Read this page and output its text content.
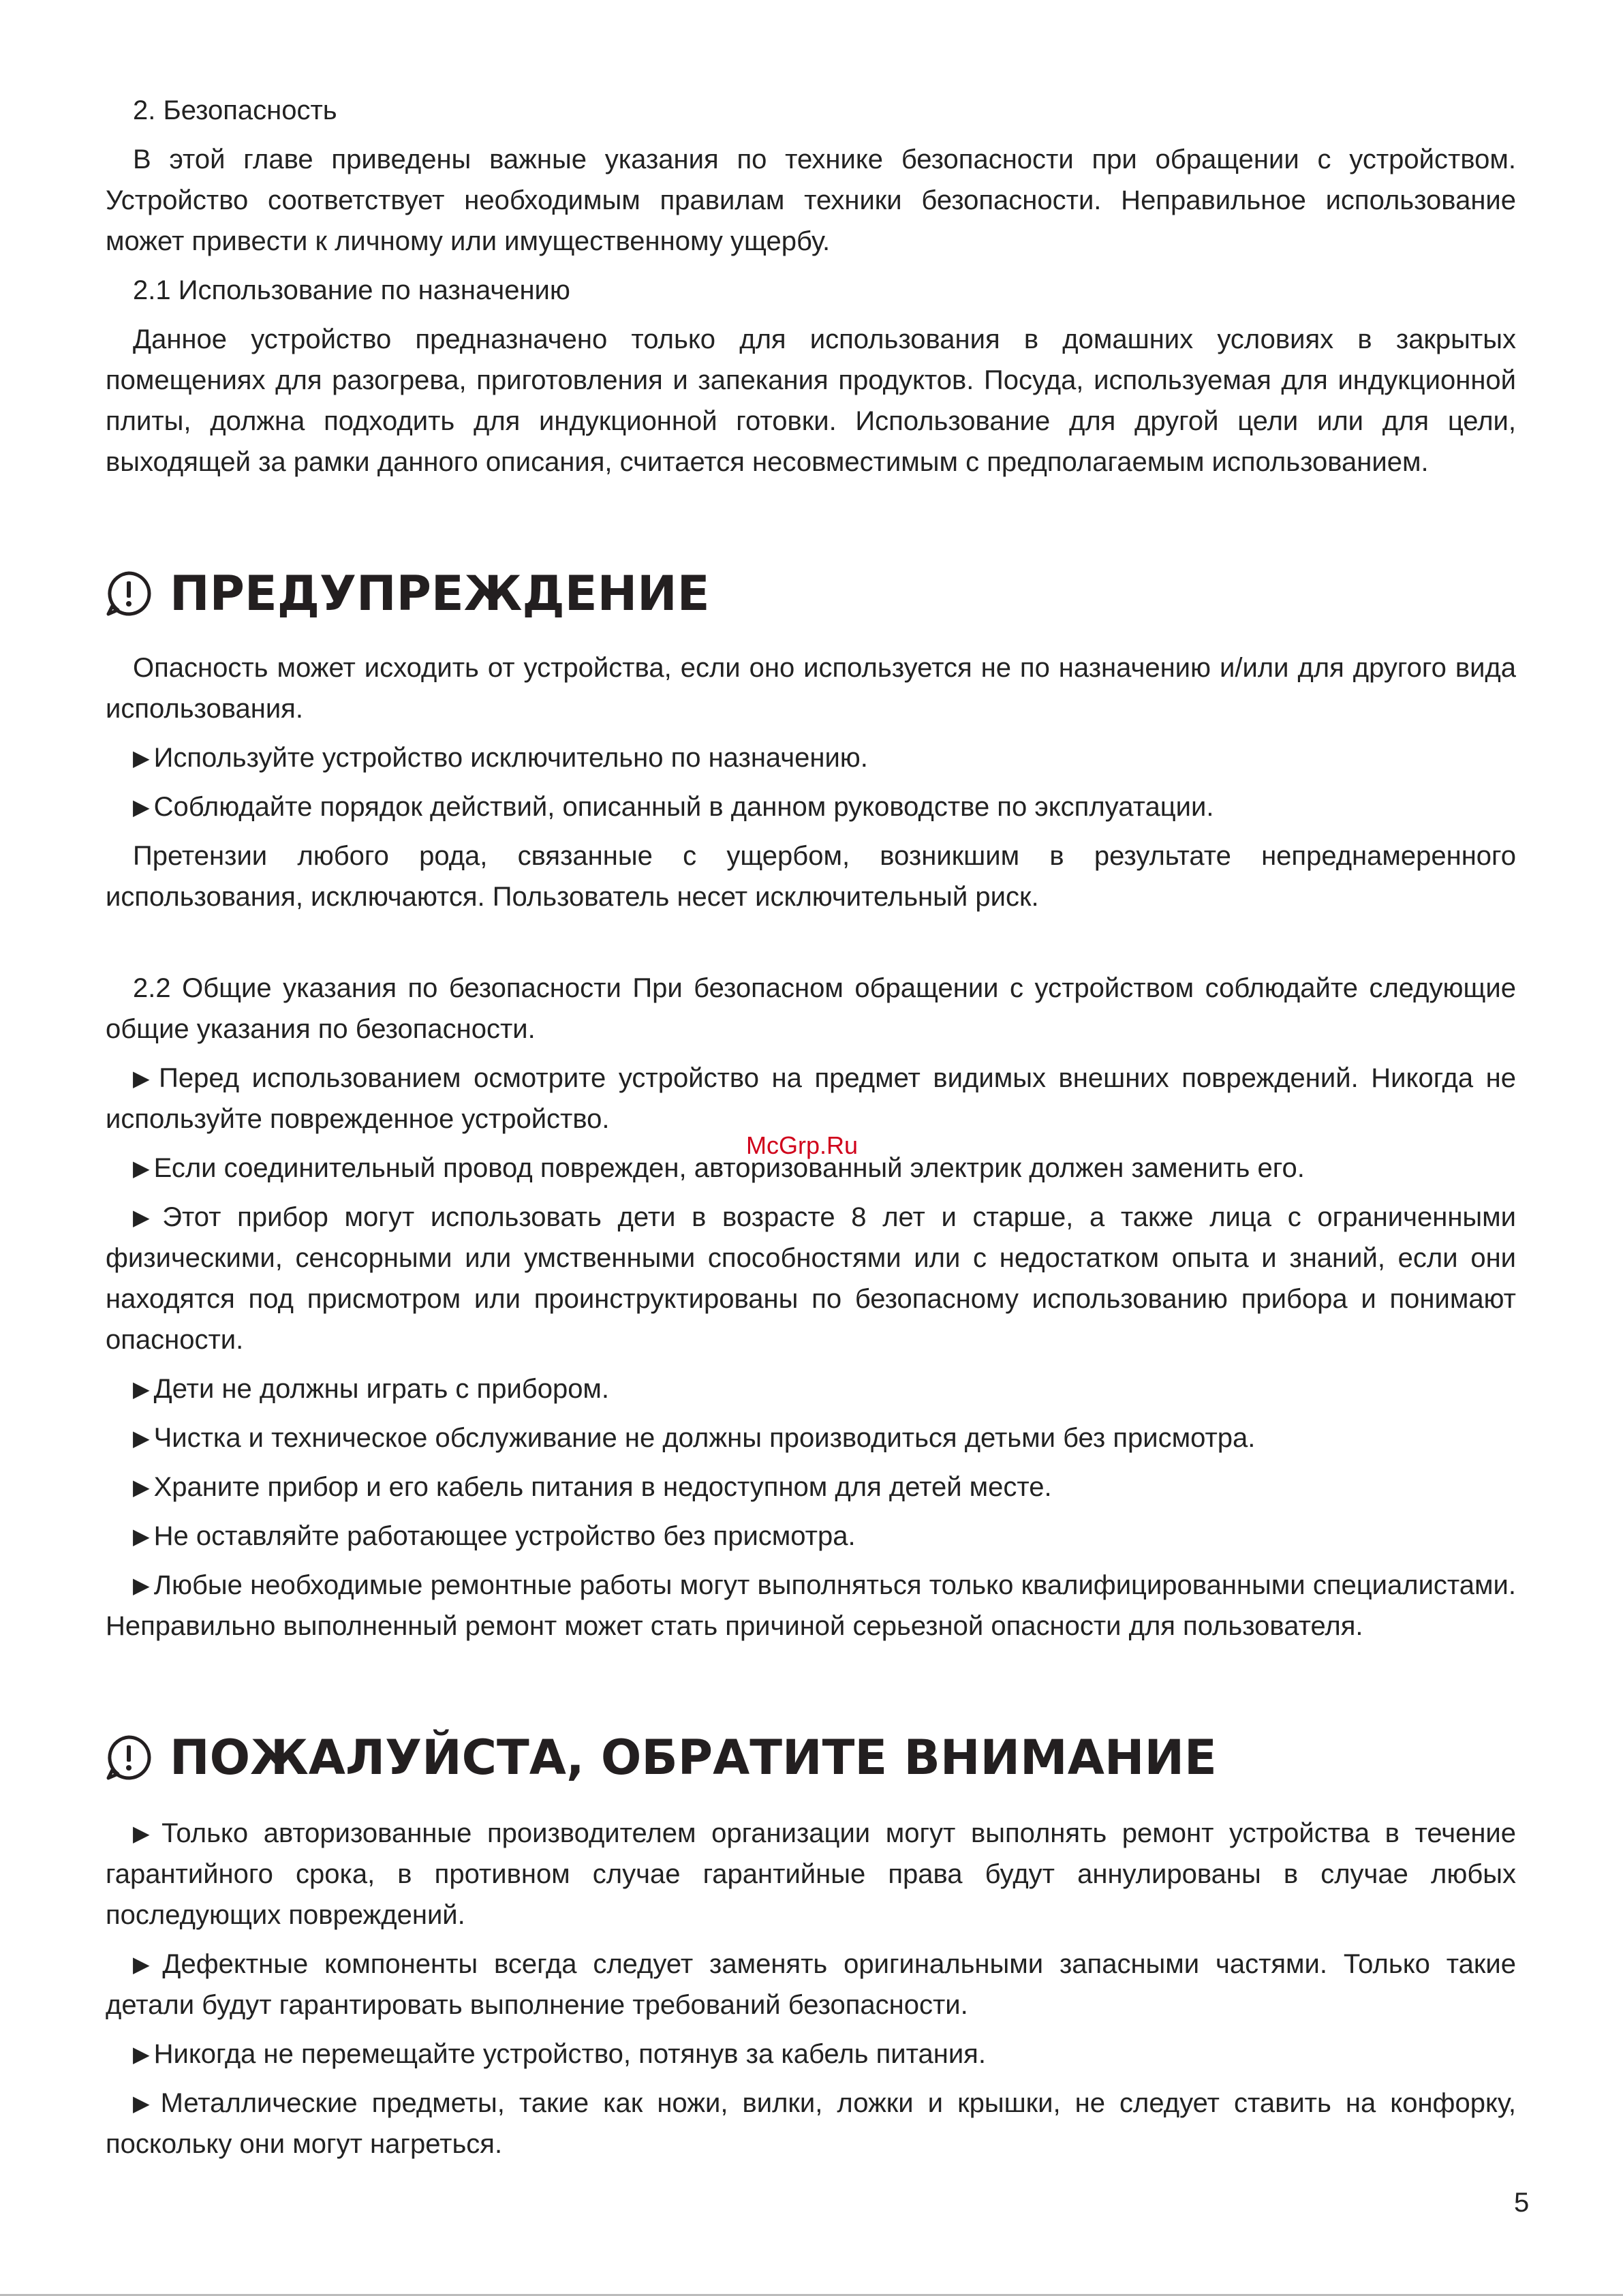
2. Безопасность

В этой главе приведены важные указания по технике безопасности при обращении с устройством. Устройство соответствует необходимым правилам техники безопасности. Неправильное использование может привести к личному или имущественному ущербу.

2.1 Использование по назначению

Данное устройство предназначено только для использования в домашних условиях в закрытых помещениях для разогрева, приготовления и запекания продуктов. Посуда, используемая для индукционной плиты, должна подходить для индукционной готовки. Использование для другой цели или для цели, выходящей за рамки данного описания, считается несовместимым с предполагаемым использованием.

ПРЕДУПРЕЖДЕНИЕ

Опасность может исходить от устройства, если оно используется не по назначению и/или для другого вида использования.

▶ Используйте устройство исключительно по назначению.

▶ Соблюдайте порядок действий, описанный в данном руководстве по эксплуатации.

Претензии любого рода, связанные с ущербом, возникшим в результате непреднамеренного использования, исключаются. Пользователь несет исключительный риск.

2.2 Общие указания по безопасности При безопасном обращении с устройством соблюдайте следующие общие указания по безопасности.

▶ Перед использованием осмотрите устройство на предмет видимых внешних повреждений. Никогда не используйте поврежденное устройство.

▶ Если соединительный провод поврежден, авторизованный электрик должен заменить его.

▶ Этот прибор могут использовать дети в возрасте 8 лет и старше, а также лица с ограниченными физическими, сенсорными или умственными способностями или с недостатком опыта и знаний, если они находятся под присмотром или проинструктированы по безопасному использованию прибора и понимают опасности.

▶ Дети не должны играть с прибором.

▶ Чистка и техническое обслуживание не должны производиться детьми без присмотра.

▶ Храните прибор и его кабель питания в недоступном для детей месте.

▶ Не оставляйте работающее устройство без присмотра.

▶ Любые необходимые ремонтные работы могут выполняться только квалифицированными специалистами. Неправильно выполненный ремонт может стать причиной серьезной опасности для пользователя.

ПОЖАЛУЙСТА, ОБРАТИТЕ ВНИМАНИЕ

▶ Только авторизованные производителем организации могут выполнять ремонт устройства в течение гарантийного срока, в противном случае гарантийные права будут аннулированы в случае любых последующих повреждений.

▶ Дефектные компоненты всегда следует заменять оригинальными запасными частями. Только такие детали будут гарантировать выполнение требований безопасности.

▶ Никогда не перемещайте устройство, потянув за кабель питания.

▶ Металлические предметы, такие как ножи, вилки, ложки и крышки, не следует ставить на конфорку, поскольку они могут нагреться.

McGrp.Ru
5
